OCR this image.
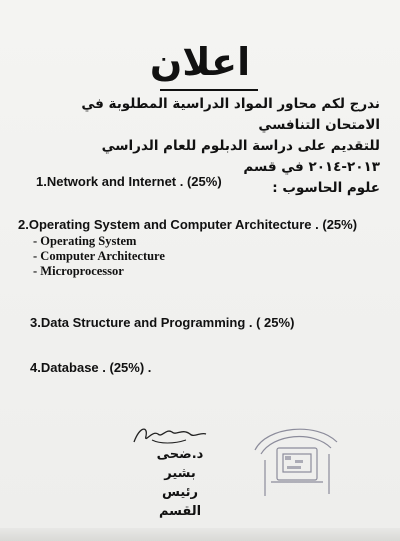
اعلان

ندرج لكم محاور المواد الدراسية المطلوبة في الامتحان التنافسي

للتقديم على دراسة الدبلوم للعام الدراسي ٢٠١٣-٢٠١٤ في قسم

علوم الحاسوب :

1.Network and Internet . (25%)

2.Operating System and Computer Architecture . (25%)

- Operating System
- Computer Architecture
- Microprocessor

3.Data Structure and Programming . ( 25%)

4.Database . (25%) .

د.ضحى بشير
رئيس القسم
